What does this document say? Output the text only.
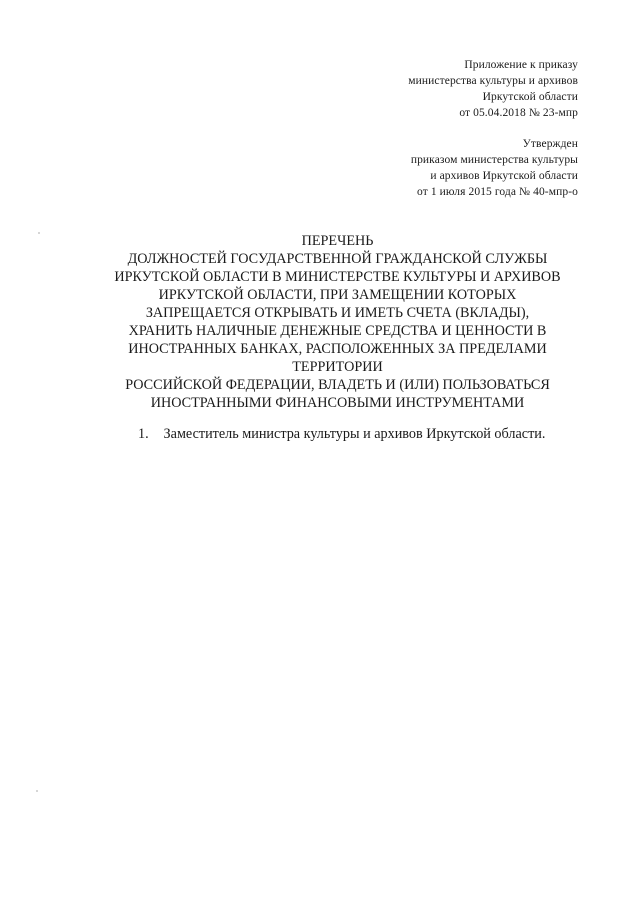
Приложение к приказу
министерства культуры и архивов
Иркутской области
от 05.04.2018 № 23-мпр
Утвержден
приказом министерства культуры
и архивов Иркутской области
от 1 июля 2015 года № 40-мпр-о
ПЕРЕЧЕНЬ
ДОЛЖНОСТЕЙ ГОСУДАРСТВЕННОЙ ГРАЖДАНСКОЙ СЛУЖБЫ
ИРКУТСКОЙ ОБЛАСТИ В МИНИСТЕРСТВЕ КУЛЬТУРЫ И АРХИВОВ
ИРКУТСКОЙ ОБЛАСТИ, ПРИ ЗАМЕЩЕНИИ КОТОРЫХ
ЗАПРЕЩАЕТСЯ ОТКРЫВАТЬ И ИМЕТЬ СЧЕТА (ВКЛАДЫ),
ХРАНИТЬ НАЛИЧНЫЕ ДЕНЕЖНЫЕ СРЕДСТВА И ЦЕННОСТИ В
ИНОСТРАННЫХ БАНКАХ, РАСПОЛОЖЕННЫХ ЗА ПРЕДЕЛАМИ
ТЕРРИТОРИИ
РОССИЙСКОЙ ФЕДЕРАЦИИ, ВЛАДЕТЬ И (ИЛИ) ПОЛЬЗОВАТЬСЯ
ИНОСТРАННЫМИ ФИНАНСОВЫМИ ИНСТРУМЕНТАМИ
1. Заместитель министра культуры и архивов Иркутской области.
